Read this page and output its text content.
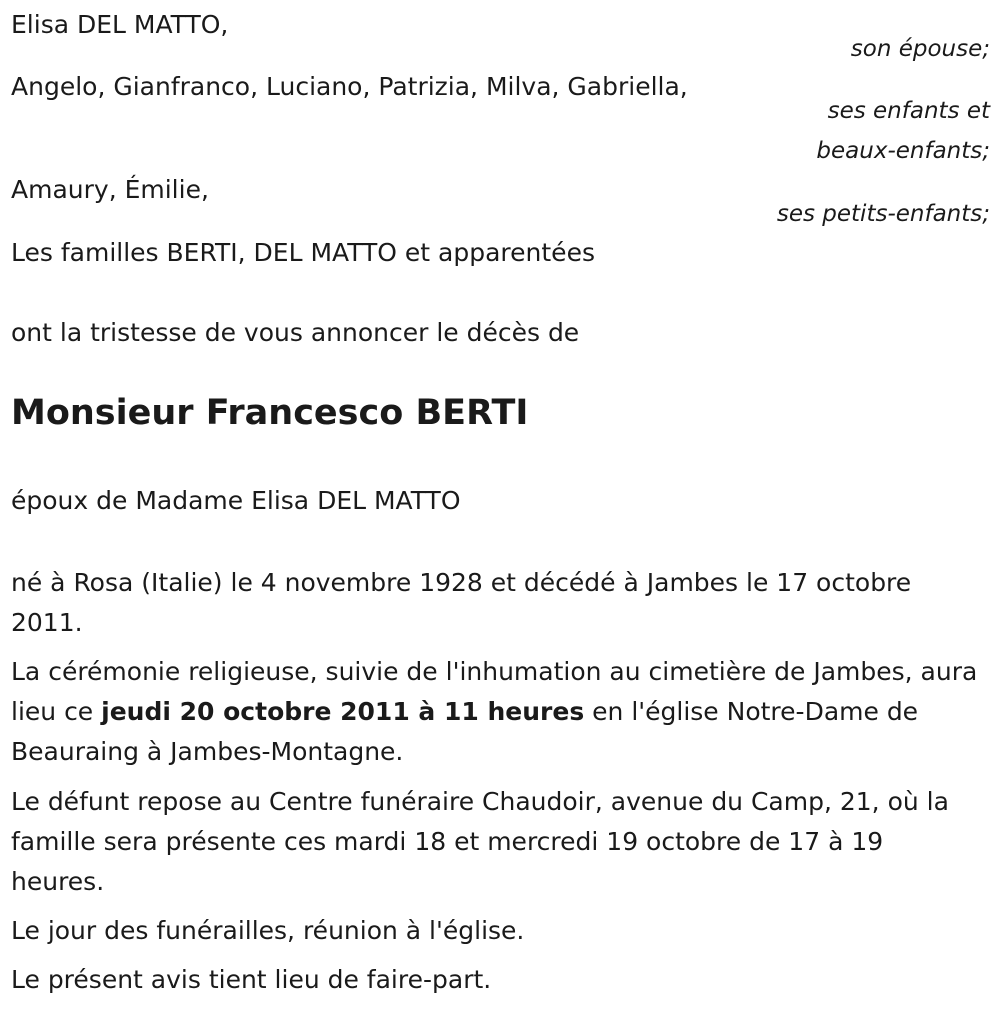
Elisa DEL MATTO,
son épouse;
Angelo, Gianfranco, Luciano, Patrizia, Milva, Gabriella,
ses enfants et
beaux-enfants;
Amaury, Émilie,
ses petits-enfants;
Les familles BERTI, DEL MATTO et apparentées
ont la tristesse de vous annoncer le décès de
Monsieur Francesco BERTI
époux de Madame Elisa DEL MATTO
né à Rosa (Italie) le 4 novembre 1928 et décédé à Jambes le 17 octobre 2011.
La cérémonie religieuse, suivie de l'inhumation au cimetière de Jambes, aura lieu ce jeudi 20 octobre 2011 à 11 heures en l'église Notre-Dame de Beauraing à Jambes-Montagne.
Le défunt repose au Centre funéraire Chaudoir, avenue du Camp, 21, où la famille sera présente ces mardi 18 et mercredi 19 octobre de 17 à 19 heures.
Le jour des funérailles, réunion à l'église.
Le présent avis tient lieu de faire-part.
